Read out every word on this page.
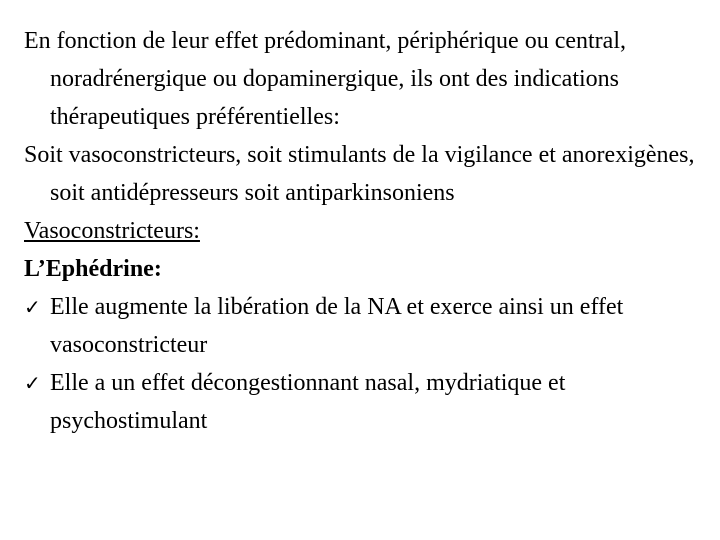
En fonction de leur effet prédominant, périphérique ou central, noradrénergique ou dopaminergique, ils ont des indications thérapeutiques préférentielles:

Soit vasoconstricteurs, soit stimulants de la vigilance et anorexigènes, soit antidépresseurs soit antiparkinsoniens

Vasoconstricteurs:

L’Ephédrine:

✓ Elle augmente la libération de la NA et exerce ainsi un effet vasoconstricteur
✓ Elle a un effet décongestionnant nasal, mydriatique et psychostimulant
